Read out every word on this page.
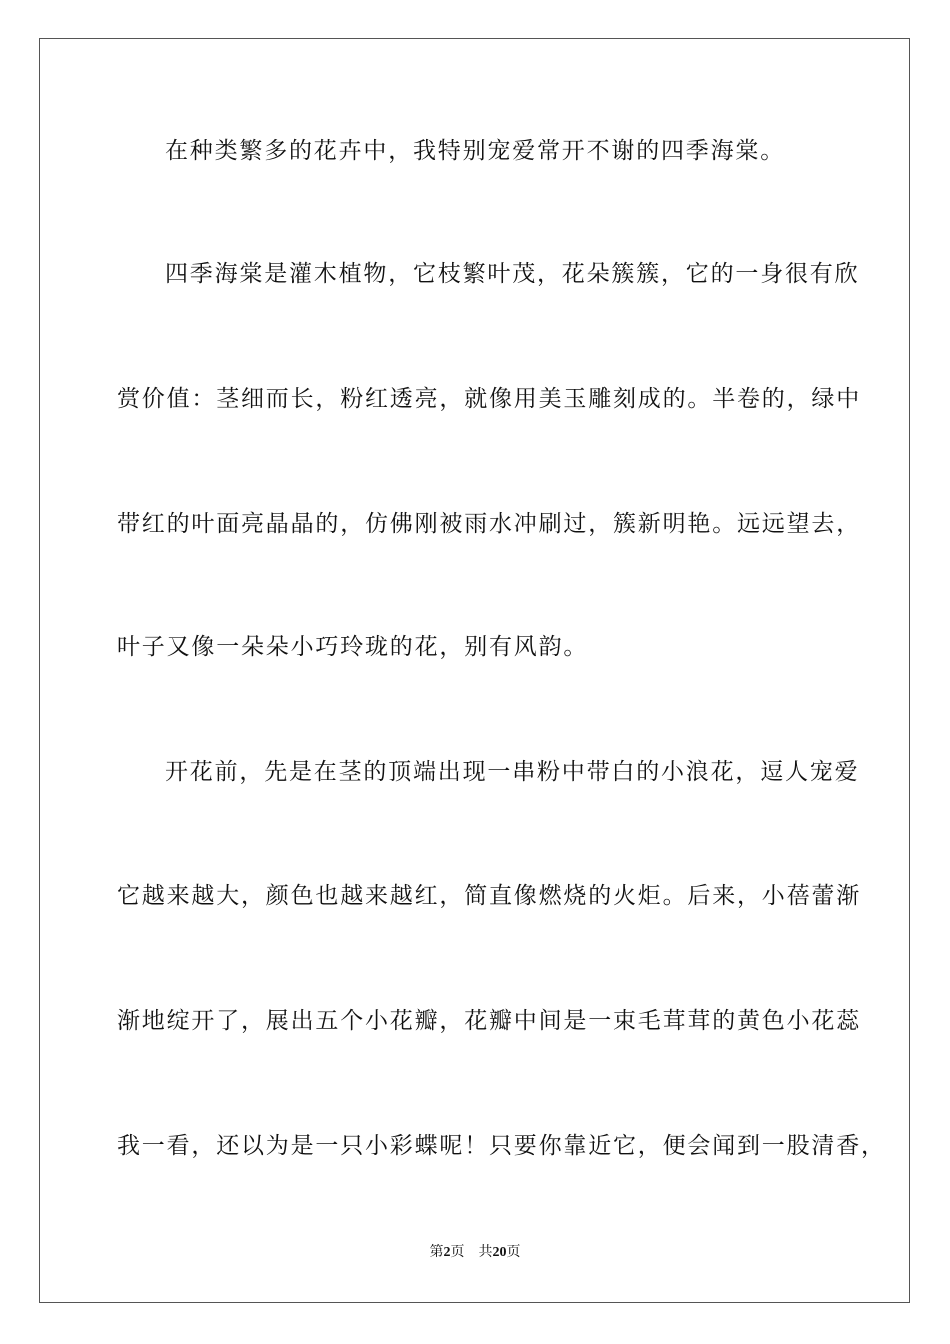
在种类繁多的花卉中，我特别宠爱常开不谢的四季海棠。
四季海棠是灌木植物，它枝繁叶茂，花朵簇簇，它的一身很有欣
赏价值：茎细而长，粉红透亮，就像用美玉雕刻成的。半卷的，绿中
带红的叶面亮晶晶的，仿佛刚被雨水冲刷过，簇新明艳。远远望去，
叶子又像一朵朵小巧玲珑的花，别有风韵。
开花前，先是在茎的顶端出现一串粉中带白的小浪花，逗人宠爱
它越来越大，颜色也越来越红，简直像燃烧的火炬。后来，小蓓蕾渐
渐地绽开了，展出五个小花瓣，花瓣中间是一束毛茸茸的黄色小花蕊
我一看，还以为是一只小彩蝶呢！只要你靠近它，便会闻到一股清香，
第2页 共20页
